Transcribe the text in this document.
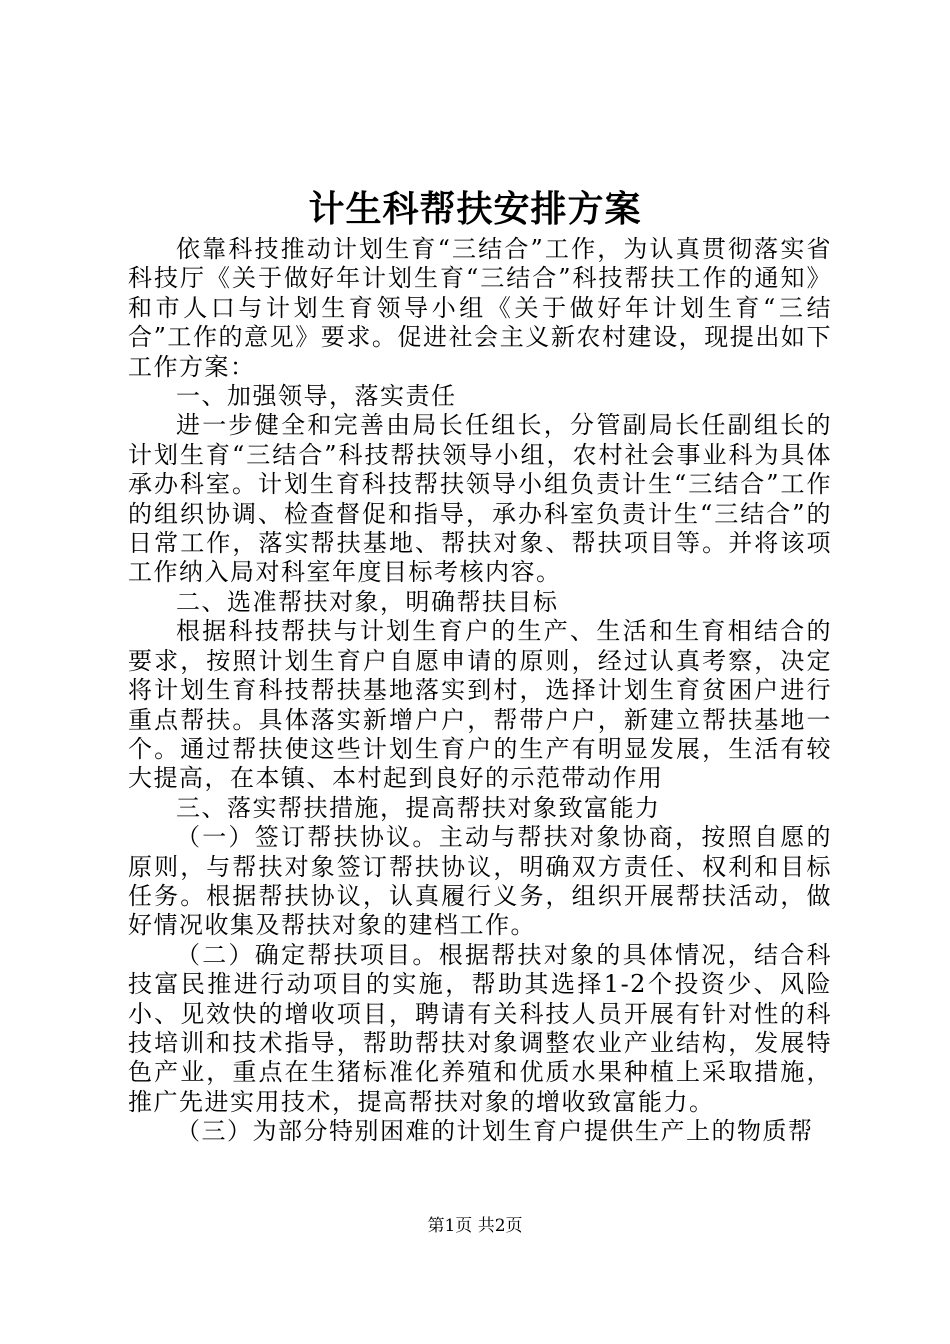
计生科帮扶安排方案

依靠科技推动计划生育“三结合”工作，为认真贯彻落实省科技厅《关于做好年计划生育“三结合”科技帮扶工作的通知》和市人口与计划生育领导小组《关于做好年计划生育“三结合”工作的意见》要求。促进社会主义新农村建设，现提出如下工作方案：

一、加强领导，落实责任

进一步健全和完善由局长任组长，分管副局长任副组长的计划生育“三结合”科技帮扶领导小组，农村社会事业科为具体承办科室。计划生育科技帮扶领导小组负责计生“三结合”工作的组织协调、检查督促和指导，承办科室负责计生“三结合”的日常工作，落实帮扶基地、帮扶对象、帮扶项目等。并将该项工作纳入局对科室年度目标考核内容。

二、选准帮扶对象，明确帮扶目标

根据科技帮扶与计划生育户的生产、生活和生育相结合的要求，按照计划生育户自愿申请的原则，经过认真考察，决定将计划生育科技帮扶基地落实到村，选择计划生育贫困户进行重点帮扶。具体落实新增户户，帮带户户，新建立帮扶基地一个。通过帮扶使这些计划生育户的生产有明显发展，生活有较大提高，在本镇、本村起到良好的示范带动作用

三、落实帮扶措施，提高帮扶对象致富能力

（一）签订帮扶协议。主动与帮扶对象协商，按照自愿的原则，与帮扶对象签订帮扶协议，明确双方责任、权利和目标任务。根据帮扶协议，认真履行义务，组织开展帮扶活动，做好情况收集及帮扶对象的建档工作。

（二）确定帮扶项目。根据帮扶对象的具体情况，结合科技富民推进行动项目的实施，帮助其选择1-2个投资少、风险小、见效快的增收项目，聘请有关科技人员开展有针对性的科技培训和技术指导，帮助帮扶对象调整农业产业结构，发展特色产业，重点在生猪标准化养殖和优质水果种植上采取措施，推广先进实用技术，提高帮扶对象的增收致富能力。

（三）为部分特别困难的计划生育户提供生产上的物质帮

第1页 共2页
